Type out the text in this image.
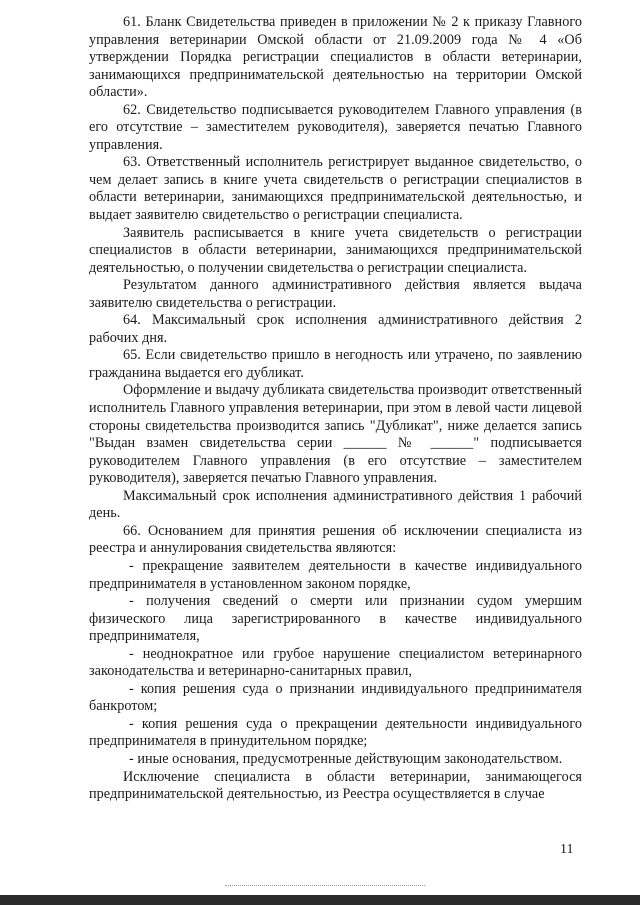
61. Бланк Свидетельства приведен в приложении № 2 к приказу Главного управления ветеринарии Омской области от 21.09.2009 года № 4 «Об утверждении Порядка регистрации специалистов в области ветеринарии, занимающихся предпринимательской деятельностью на территории Омской области».

62. Свидетельство подписывается руководителем Главного управления (в его отсутствие – заместителем руководителя), заверяется печатью Главного управления.

63. Ответственный исполнитель регистрирует выданное свидетельство, о чем делает запись в книге учета свидетельств о регистрации специалистов в области ветеринарии, занимающихся предпринимательской деятельностью, и выдает заявителю свидетельство о регистрации специалиста.

Заявитель расписывается в книге учета свидетельств о регистрации специалистов в области ветеринарии, занимающихся предпринимательской деятельностью, о получении свидетельства о регистрации специалиста.

Результатом данного административного действия является выдача заявителю свидетельства о регистрации.

64. Максимальный срок исполнения административного действия 2 рабочих дня.

65. Если свидетельство пришло в негодность или утрачено, по заявлению гражданина выдается его дубликат.

Оформление и выдачу дубликата свидетельства производит ответственный исполнитель Главного управления ветеринарии, при этом в левой части лицевой стороны свидетельства производится запись "Дубликат", ниже делается запись "Выдан взамен свидетельства серии ______ № ______" подписывается руководителем Главного управления (в его отсутствие – заместителем руководителя), заверяется печатью Главного управления.

Максимальный срок исполнения административного действия 1 рабочий день.

66. Основанием для принятия решения об исключении специалиста из реестра и аннулирования свидетельства являются:

- прекращение заявителем деятельности в качестве индивидуального предпринимателя в установленном законом порядке,

- получения сведений о смерти или признании судом умершим физического лица зарегистрированного в качестве индивидуального предпринимателя,

- неоднократное или грубое нарушение специалистом ветеринарного законодательства и ветеринарно-санитарных правил,

- копия решения суда о признании индивидуального предпринимателя банкротом;

- копия решения суда о прекращении деятельности индивидуального предпринимателя в принудительном порядке;

- иные основания, предусмотренные действующим законодательством.

Исключение специалиста в области ветеринарии, занимающегося предпринимательской деятельностью, из Реестра осуществляется в случае

11
